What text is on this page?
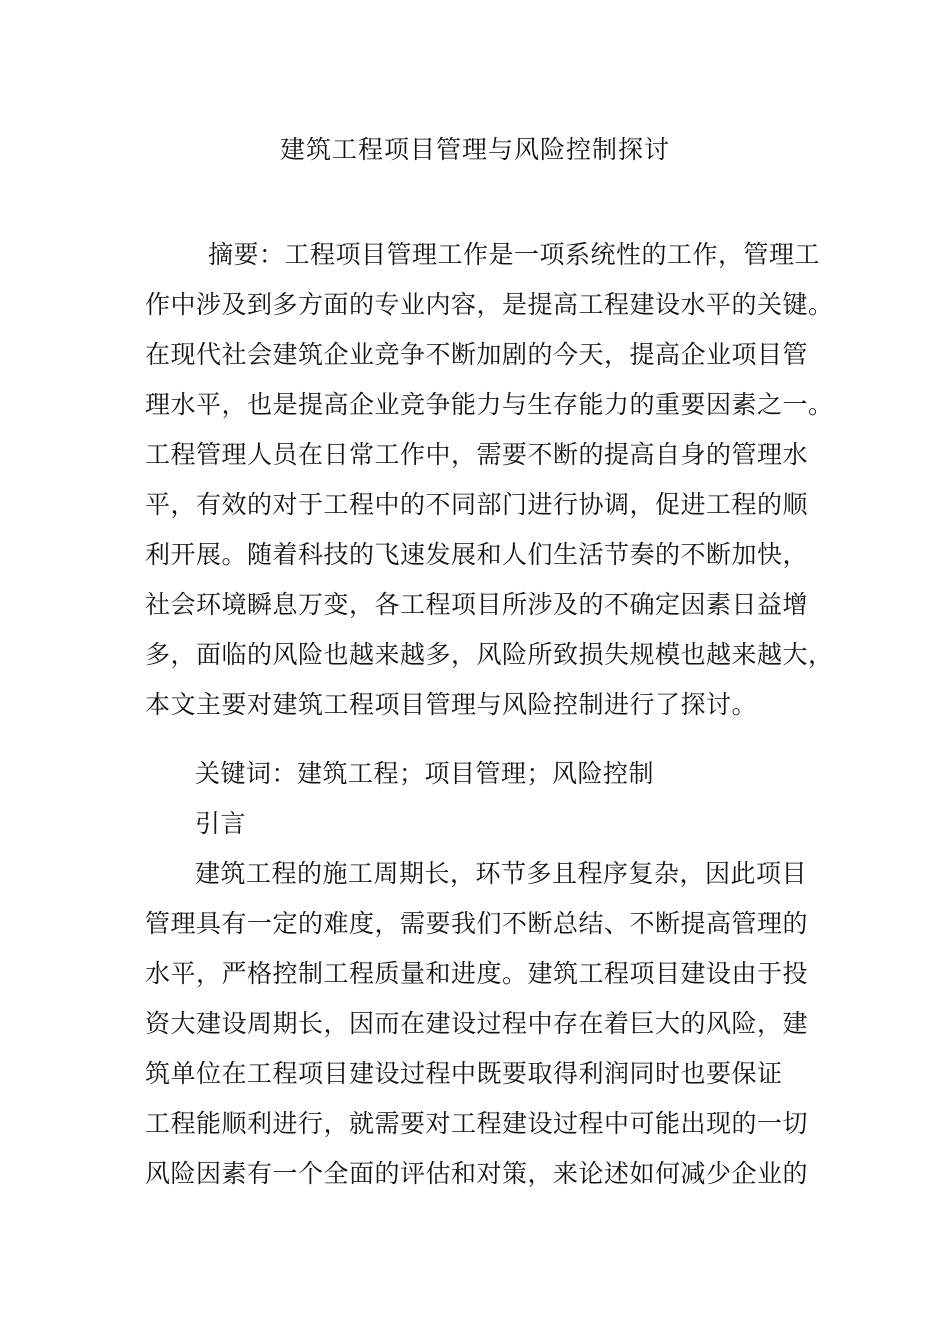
建筑工程项目管理与风险控制探讨
摘要：工程项目管理工作是一项系统性的工作，管理工
作中涉及到多方面的专业内容，是提高工程建设水平的关键。
在现代社会建筑企业竞争不断加剧的今天，提高企业项目管
理水平，也是提高企业竞争能力与生存能力的重要因素之一。
工程管理人员在日常工作中，需要不断的提高自身的管理水
平，有效的对于工程中的不同部门进行协调，促进工程的顺
利开展。随着科技的飞速发展和人们生活节奏的不断加快，
社会环境瞬息万变，各工程项目所涉及的不确定因素日益增
多，面临的风险也越来越多，风险所致损失规模也越来越大，
本文主要对建筑工程项目管理与风险控制进行了探讨。
关键词：建筑工程；项目管理；风险控制
引言
建筑工程的施工周期长，环节多且程序复杂，因此项目
管理具有一定的难度，需要我们不断总结、不断提高管理的
水平，严格控制工程质量和进度。建筑工程项目建设由于投
资大建设周期长，因而在建设过程中存在着巨大的风险，建
筑单位在工程项目建设过程中既要取得利润同时也要保证
工程能顺利进行，就需要对工程建设过程中可能出现的一切
风险因素有一个全面的评估和对策，来论述如何减少企业的
